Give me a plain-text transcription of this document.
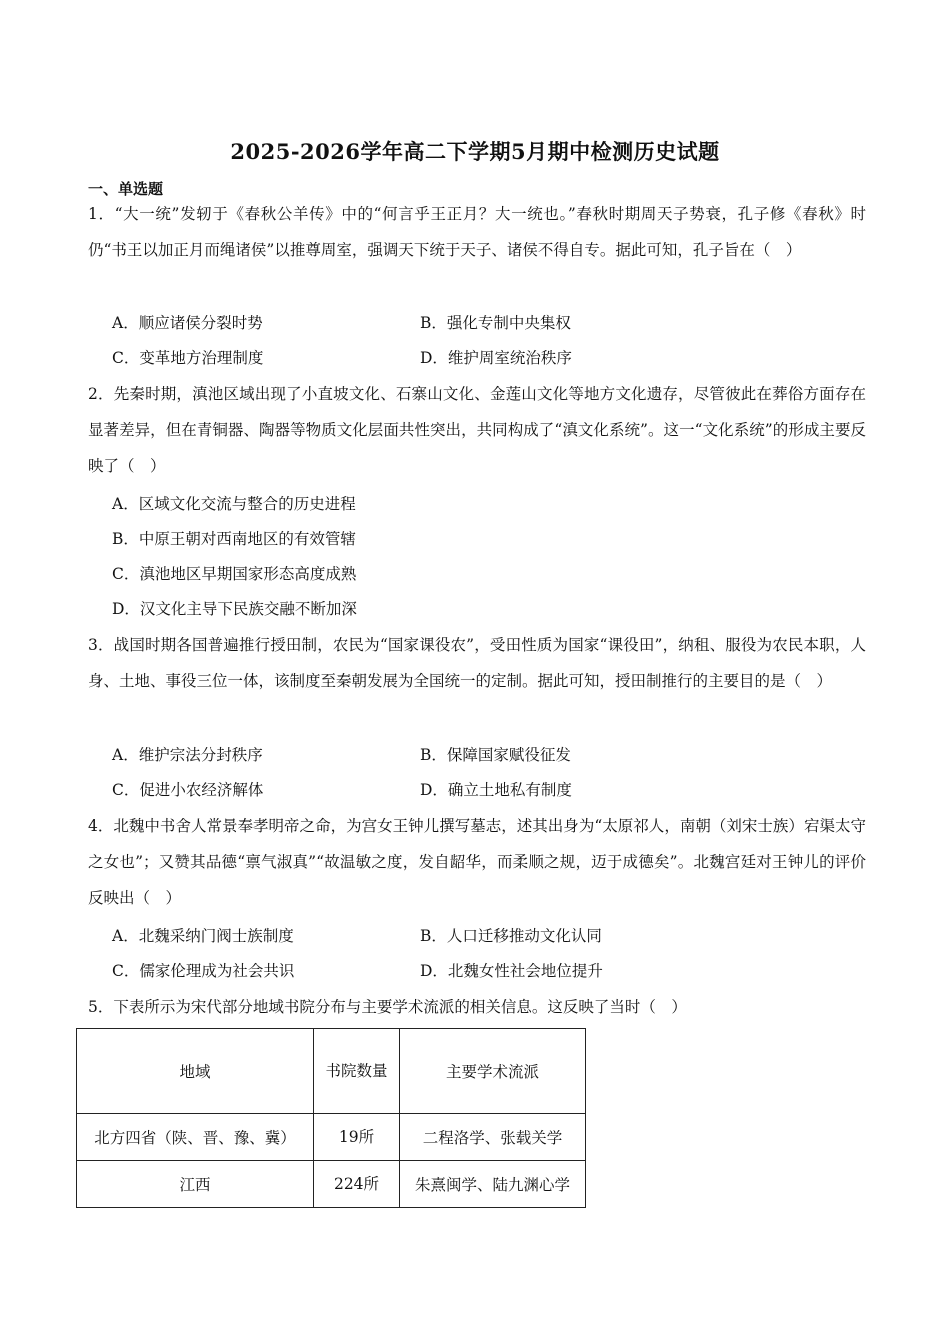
2025-2026学年高二下学期5月期中检测历史试题
一、单选题
1．“大一统”发轫于《春秋公羊传》中的“何言乎王正月？大一统也。”春秋时期周天子势衰，孔子修《春秋》时仍“书王以加正月而绳诸侯”以推尊周室，强调天下统于天子、诸侯不得自专。据此可知，孔子旨在（　）
A．顺应诸侯分裂时势	B．强化专制中央集权
C．变革地方治理制度	D．维护周室统治秩序
2．先秦时期，滇池区域出现了小直坡文化、石寨山文化、金莲山文化等地方文化遗存，尽管彼此在葬俗方面存在显著差异，但在青铜器、陶器等物质文化层面共性突出，共同构成了“滇文化系统”。这一“文化系统”的形成主要反映了（　）
A．区域文化交流与整合的历史进程
B．中原王朝对西南地区的有效管辖
C．滇池地区早期国家形态高度成熟
D．汉文化主导下民族交融不断加深
3．战国时期各国普遍推行授田制，农民为“国家课役农”，受田性质为国家“课役田”，纳租、服役为农民本职，人身、土地、事役三位一体，该制度至秦朝发展为全国统一的定制。据此可知，授田制推行的主要目的是（　）
A．维护宗法分封秩序	B．保障国家赋役征发
C．促进小农经济解体	D．确立土地私有制度
4．北魏中书舍人常景奉孝明帝之命，为宫女王钟儿撰写墓志，述其出身为“太原祁人，南朝（刘宋士族）宕渠太守之女也”；又赞其品德“禀气淑真”“故温敏之度，发自龆华，而柔顺之规，迈于成德矣”。北魏宫廷对王钟儿的评价反映出（　）
A．北魏采纳门阀士族制度	B．人口迁移推动文化认同
C．儒家伦理成为社会共识	D．北魏女性社会地位提升
5．下表所示为宋代部分地域书院分布与主要学术流派的相关信息。这反映了当时（　）
地域	书院数量	主要学术流派
北方四省（陕、晋、豫、冀）	19所	二程洛学、张载关学
江西	224所	朱熹闽学、陆九渊心学
